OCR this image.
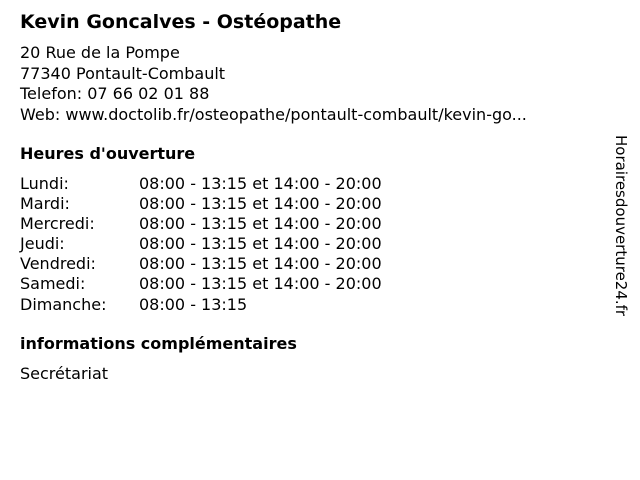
Kevin Goncalves - Ostéopathe
20 Rue de la Pompe
77340 Pontault-Combault
Telefon: 07 66 02 01 88
Web: www.doctolib.fr/osteopathe/pontault-combault/kevin-go...
Heures d'ouverture
Lundi:	08:00 - 13:15 et 14:00 - 20:00
Mardi:	08:00 - 13:15 et 14:00 - 20:00
Mercredi:	08:00 - 13:15 et 14:00 - 20:00
Jeudi:	08:00 - 13:15 et 14:00 - 20:00
Vendredi:	08:00 - 13:15 et 14:00 - 20:00
Samedi:	08:00 - 13:15 et 14:00 - 20:00
Dimanche: 08:00 - 13:15
informations complémentaires
Secrétariat
Horairesdouverture24.fr
